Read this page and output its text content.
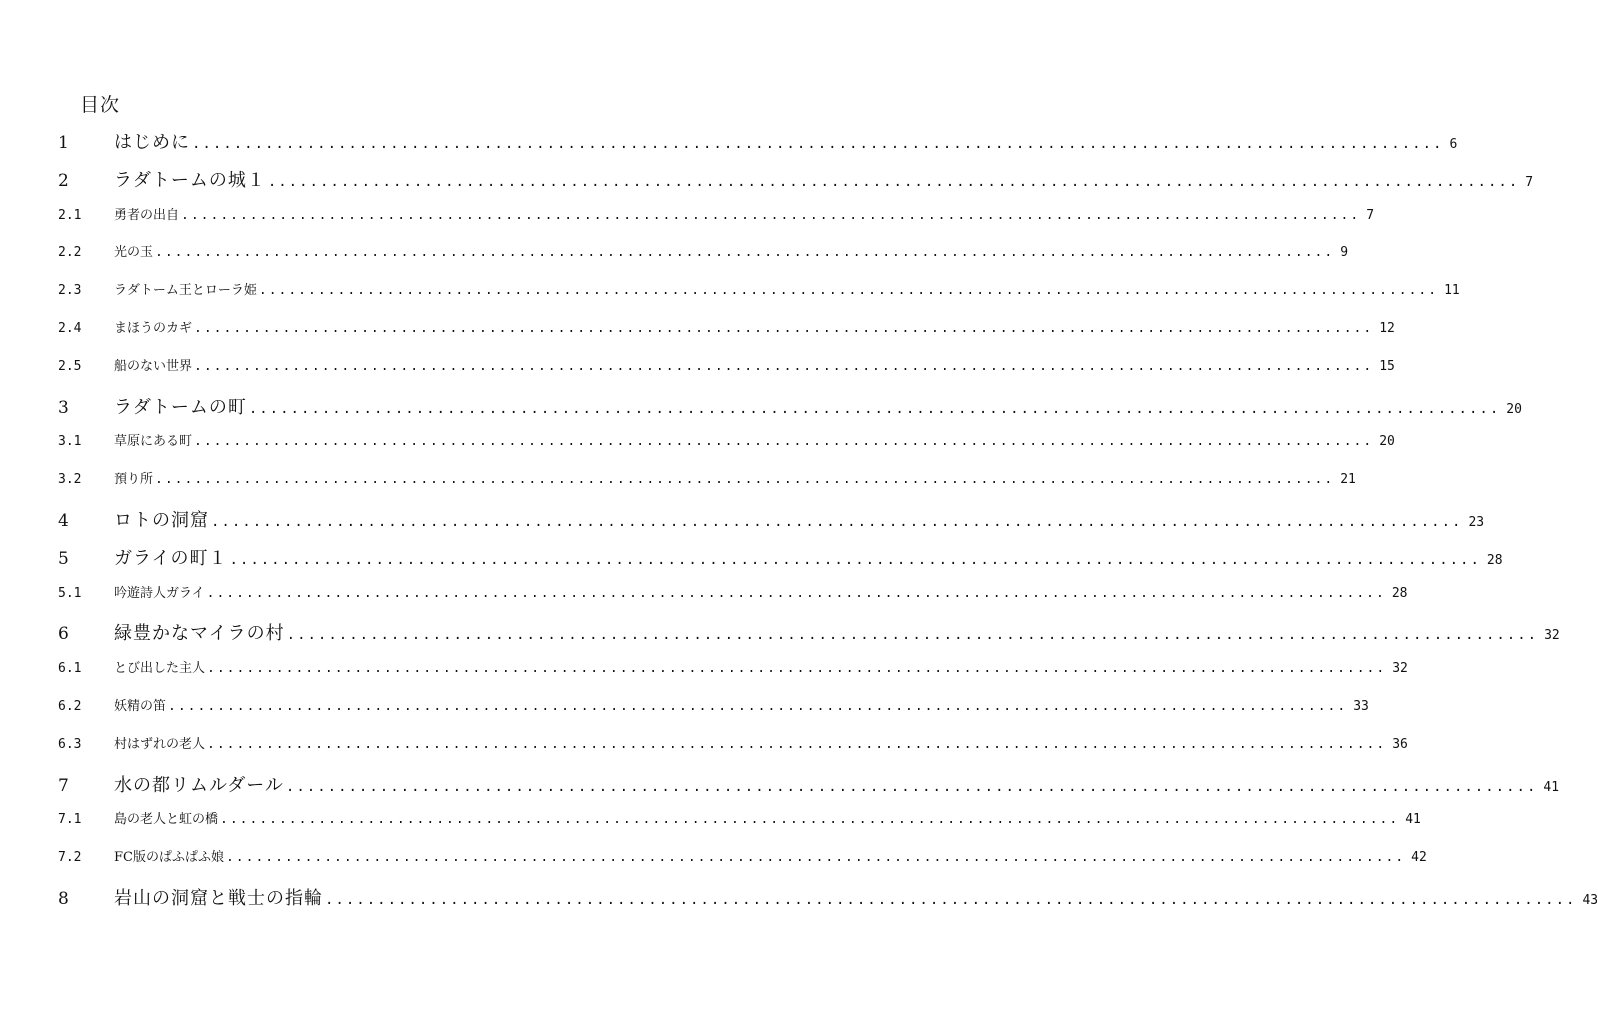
目次
1	はじめに ........................................................................................................................ 6
2	ラダトームの城１ ........................................................................................................................ 7
2.1	勇者の出自 ........................................................................................................................ 7
2.2	光の玉 ........................................................................................................................ 9
2.3	ラダトーム王とローラ姫 ........................................................................................................................ 11
2.4	まほうのカギ ........................................................................................................................ 12
2.5	船のない世界 ........................................................................................................................ 15
3	ラダトームの町 ........................................................................................................................ 20
3.1	草原にある町 ........................................................................................................................ 20
3.2	預り所 ........................................................................................................................ 21
4	ロトの洞窟 ........................................................................................................................ 23
5	ガライの町１ ........................................................................................................................ 28
5.1	吟遊詩人ガライ ........................................................................................................................ 28
6	緑豊かなマイラの村 ........................................................................................................................ 32
6.1	とび出した主人 ........................................................................................................................ 32
6.2	妖精の笛 ........................................................................................................................ 33
6.3	村はずれの老人 ........................................................................................................................ 36
7	水の都リムルダール ........................................................................................................................ 41
7.1	島の老人と虹の橋 ........................................................................................................................ 41
7.2	FC版のぱふぱふ娘 ........................................................................................................................ 42
8	岩山の洞窟と戦士の指輪 ........................................................................................................................ 43
